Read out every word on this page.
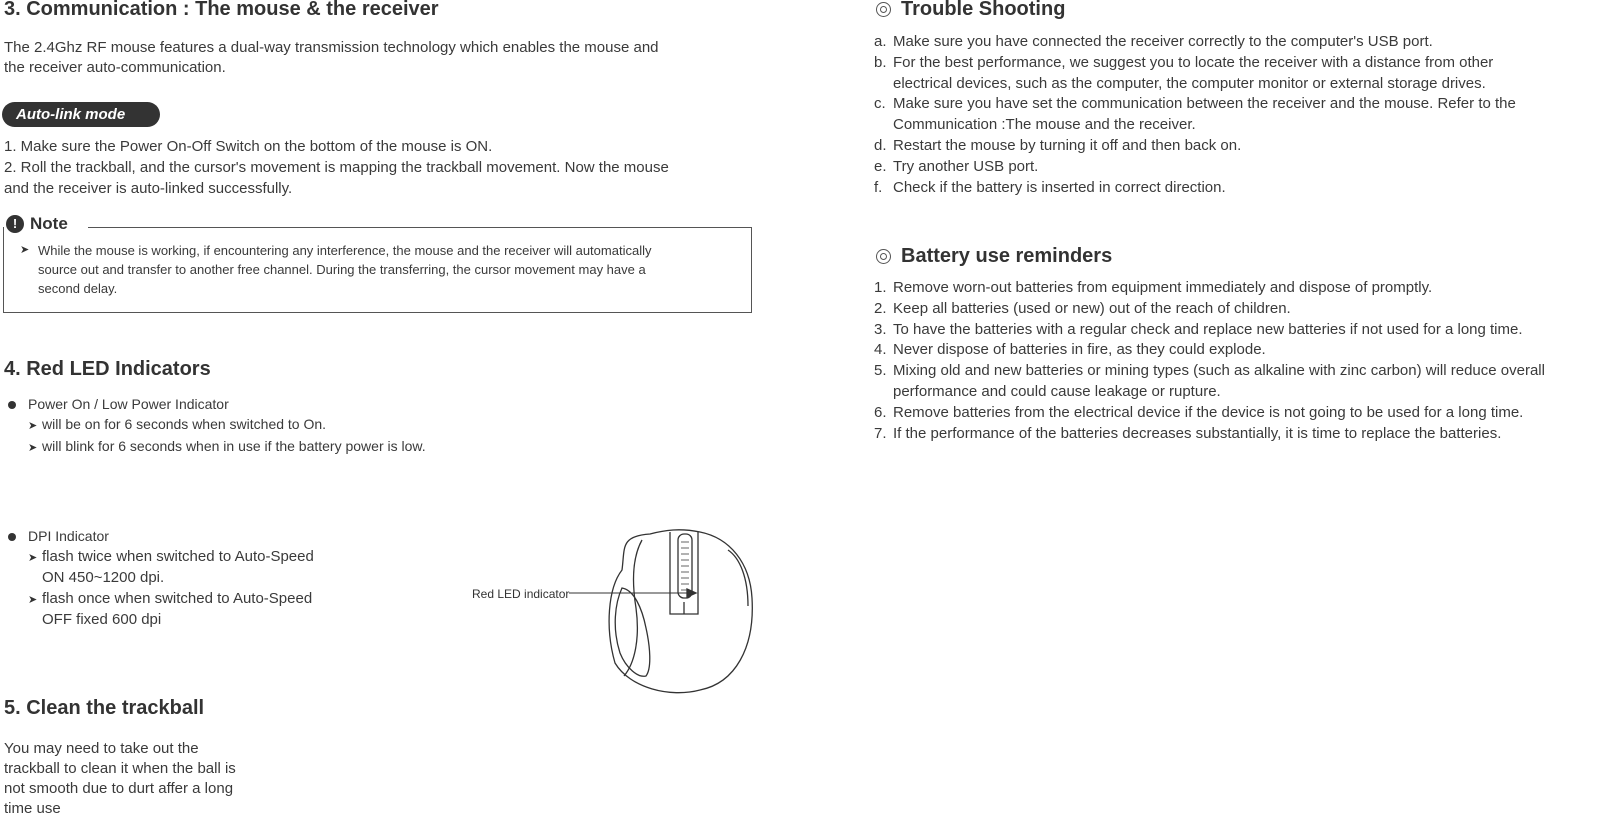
3. Communication : The mouse & the receiver

The 2.4Ghz RF mouse features a dual-way transmission technology which enables the mouse and

the receiver auto-communication.

Auto-link mode

1. Make sure the Power On-Off Switch on the bottom of the mouse is ON.

2. Roll the trackball, and the cursor's movement is mapping the trackball movement. Now the mouse

and the receiver is auto-linked successfully.

! Note
➤ While the mouse is working, if encountering any interference, the mouse and the receiver will automatically
source out and transfer to another free channel. During the transferring, the cursor movement may have a
second delay.
4. Red LED Indicators
Power On / Low Power Indicator
➤ will be on for 6 seconds when switched to On.
➤ will blink for 6 seconds when in use if the battery power is low.
DPI Indicator
➤ flash twice when switched to Auto-Speed
ON 450~1200 dpi.
➤ flash once when switched to Auto-Speed
OFF fixed 600 dpi
Red LED indicator
5. Clean the trackball
You may need to take out the
trackball to clean it when the ball is
not smooth due to durt affer a long
time use
Trouble Shooting
a. Make sure you have connected the receiver correctly to the computer's USB port.
b. For the best performance, we suggest you to locate the receiver with a distance from other
electrical devices, such as the computer, the computer monitor or external storage drives.
c. Make sure you have set the communication between the receiver and the mouse. Refer to the
Communication :The mouse and the receiver.
d. Restart the mouse by turning it off and then back on.
e. Try another USB port.
f. Check if the battery is inserted in correct direction.
Battery use reminders
1. Remove worn-out batteries from equipment immediately and dispose of promptly.
2. Keep all batteries (used or new) out of the reach of children.
3. To have the batteries with a regular check and replace new batteries if not used for a long time.
4. Never dispose of batteries in fire, as they could explode.
5. Mixing old and new batteries or mining types (such as alkaline with zinc carbon) will reduce overall
performance and could cause leakage or rupture.
6. Remove batteries from the electrical device if the device is not going to be used for a long time.
7. If the performance of the batteries decreases substantially, it is time to replace the batteries.
